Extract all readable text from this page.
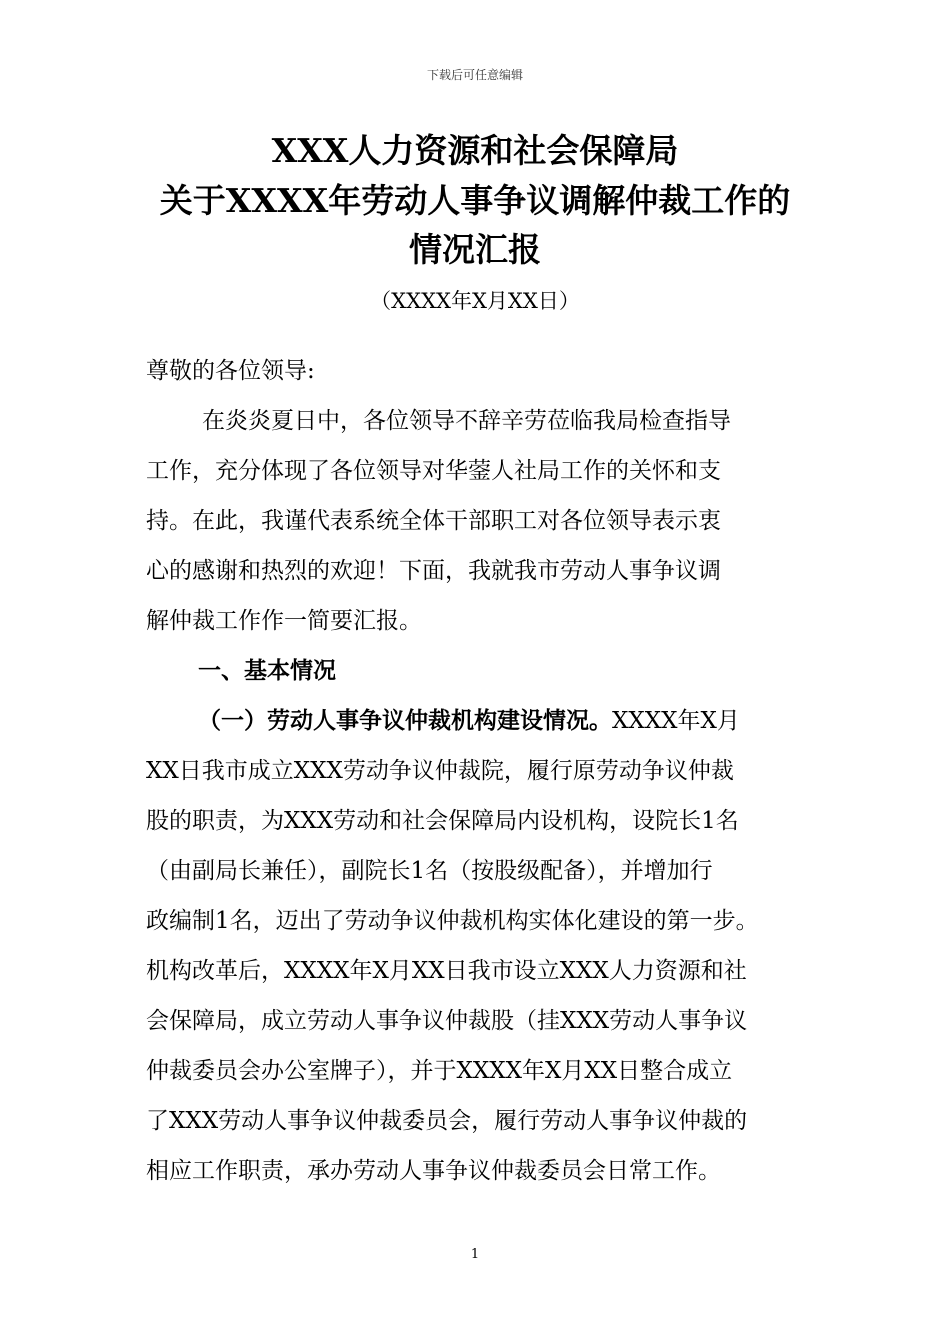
下载后可任意编辑
XXX人力资源和社会保障局
关于XXXX年劳动人事争议调解仲裁工作的
情况汇报
（XXXX年X月XX日）
尊敬的各位领导:
在炎炎夏日中，各位领导不辞辛劳莅临我局检查指导
工作，充分体现了各位领导对华蓥人社局工作的关怀和支
持。在此，我谨代表系统全体干部职工对各位领导表示衷
心的感谢和热烈的欢迎！下面，我就我市劳动人事争议调
解仲裁工作作一简要汇报。
一、基本情况
（一）劳动人事争议仲裁机构建设情况。XXXX年X月
XX日我市成立XXX劳动争议仲裁院，履行原劳动争议仲裁
股的职责，为XXX劳动和社会保障局内设机构，设院长1名
（由副局长兼任），副院长1名（按股级配备），并增加行
政编制1名，迈出了劳动争议仲裁机构实体化建设的第一步。
机构改革后，XXXX年X月XX日我市设立XXX人力资源和社
会保障局，成立劳动人事争议仲裁股（挂XXX劳动人事争议
仲裁委员会办公室牌子），并于XXXX年X月XX日整合成立
了XXX劳动人事争议仲裁委员会，履行劳动人事争议仲裁的
相应工作职责，承办劳动人事争议仲裁委员会日常工作。
1
